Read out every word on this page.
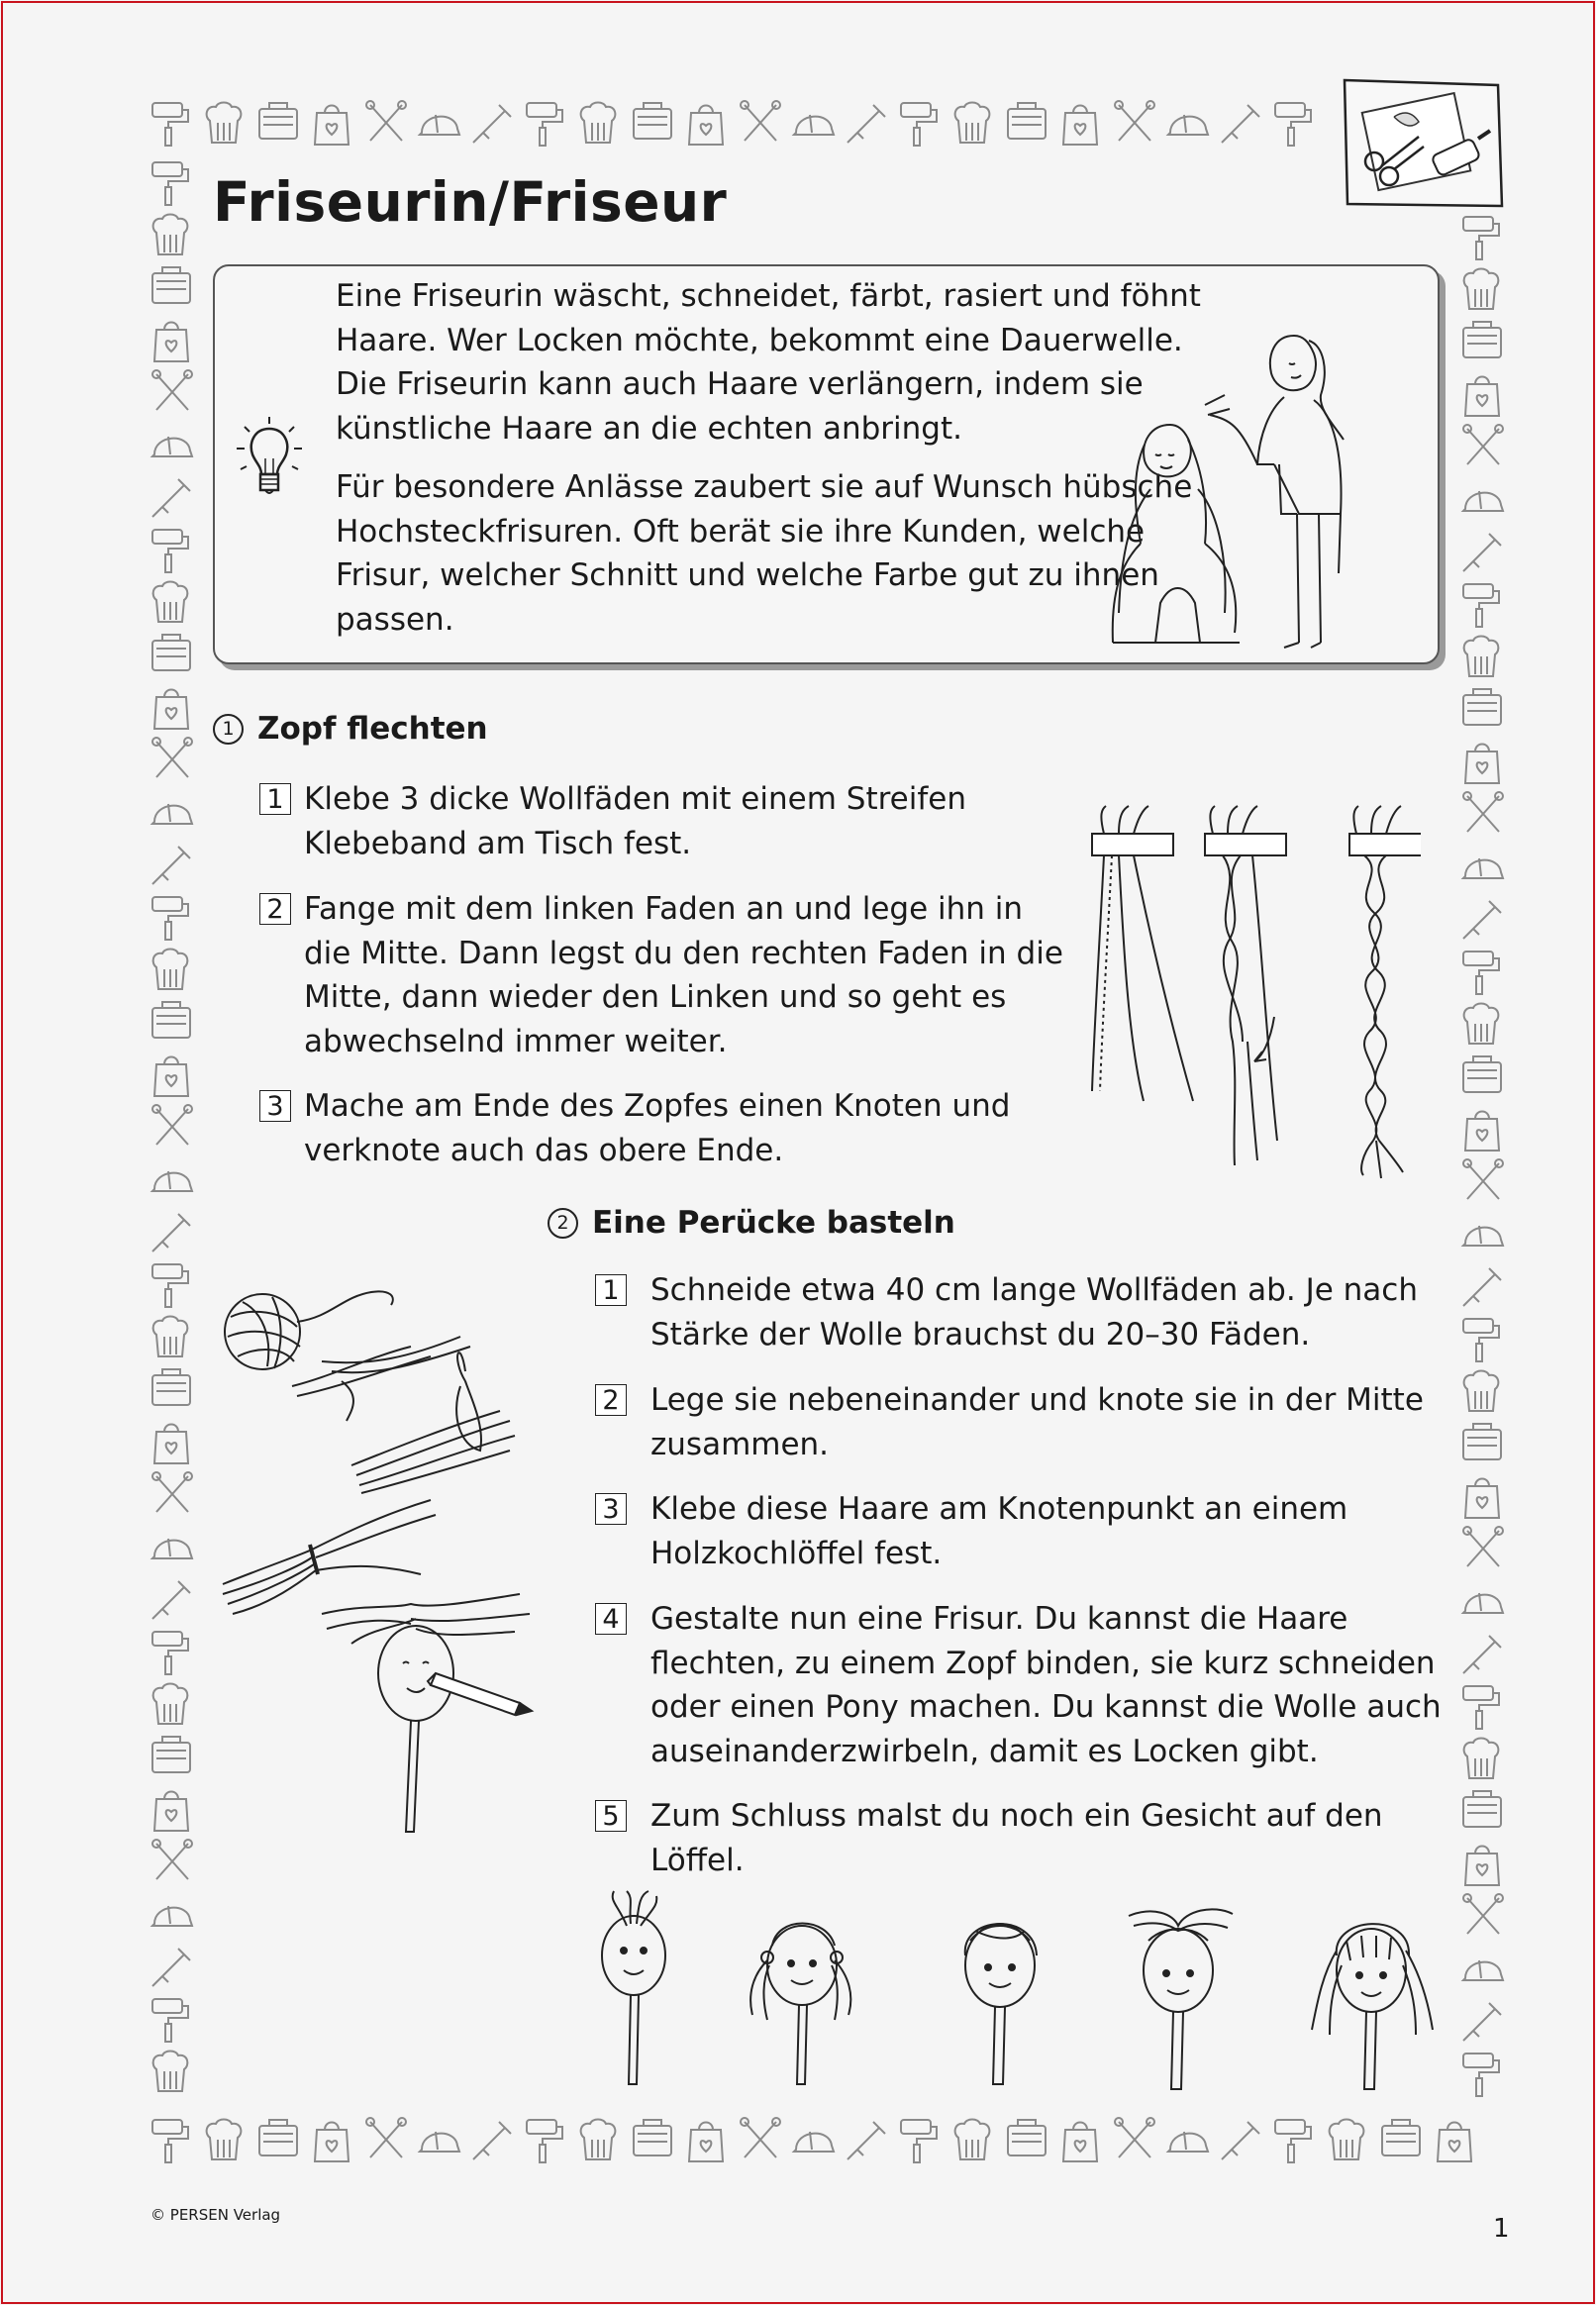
Friseurin/Friseur

Eine Friseurin wäscht, schneidet, färbt, rasiert und föhnt Haare. Wer Locken möchte, bekommt eine Dauerwelle. Die Friseurin kann auch Haare verlängern, indem sie künstliche Haare an die echten anbringt.

Für besondere Anlässe zaubert sie auf Wunsch hübsche Hochsteckfrisuren. Oft berät sie ihre Kunden, welche Frisur, welcher Schnitt und welche Farbe gut zu ihnen passen.

1 Zopf flechten
1 Klebe 3 dicke Wollfäden mit einem Streifen Klebeband am Tisch fest.
2 Fange mit dem linken Faden an und lege ihn in die Mitte. Dann legst du den rechten Faden in die Mitte, dann wieder den Linken und so geht es abwechselnd immer weiter.
3 Mache am Ende des Zopfes einen Knoten und verknote auch das obere Ende.
2 Eine Perücke basteln
1	Schneide etwa 40 cm lange Wollfäden ab. Je nach Stärke der Wolle brauchst du 20–30 Fäden.
2	Lege sie nebeneinander und knote sie in der Mitte zusammen.
3	Klebe diese Haare am Knotenpunkt an einem Holzkochlöffel fest.
4	Gestalte nun eine Frisur. Du kannst die Haare flechten, zu einem Zopf binden, sie kurz schneiden oder einen Pony machen. Du kannst die Wolle auch auseinanderzwirbeln, damit es Locken gibt.
5	Zum Schluss malst du noch ein Gesicht auf den Löffel.
© PERSEN Verlag	1
